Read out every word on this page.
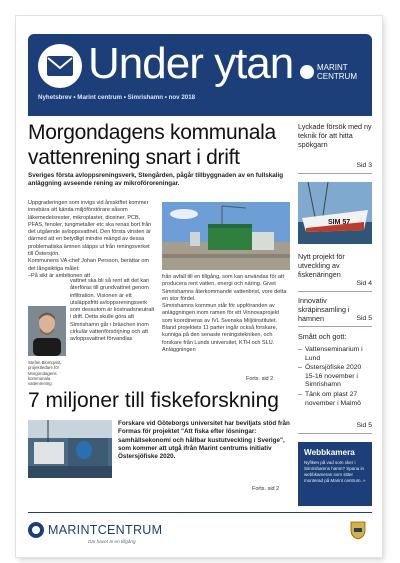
Under ytan
Nyhetsbrev • Marint centrum • Simrishamn • nov 2018
MARINT
CENTRUM
Morgondagens kommunala vattenrening snart i drift
Sveriges första avloppsreningsverk, Stengården, pågår tillbyggnaden av en fullskalig anläggning avseende rening av mikroföroreningar.
Uppgraderingen som invigs vid årsskiftet kommer innebära att kända miljöförstörare såsom läkemedelsrester, mikroplaster, dioxiner, PCB, PFAS, fenoler, tungmetaller etc ska renas bort från det utgående avloppsvattnet. Den första vinsten är därmed att en betydligt mindre mängd av dessa problematiska ämnen släpps ut från reningsverket till Östersjön.
Kommunens VA-chef Johan Persson, berättar om det långsiktiga målet:
–På sikt är ambitionen att	från avfall till en tillgång, som kan användas för att producera rent vatten, energi och näring. Givet Simrishamns återkommande vattenbrist, vore detta en stor fördel.
Simrishamns kommun står för uppföranden av anläggningen inom ramen för ett Vinnovaprojekt som koordineras av IVL Svenska Miljöinstitutet. Bland projektets 11 parter ingår också forskare, kunniga på den senaste reningstekniken, och forskare från Lunds universitet, KTH och SLU. Anläggningen
vattnet ska bli så rent att det kan återföras till grundvattnet genom infiltration. Visionen är ett utsläppsfritt avloppsreningsverk som dessutom är kostnadsneutralt i drift. Detta skulle göra att Simrishamn går i bräschen inom cirkulär vattenförsörjning och att avloppsvattnet förvandlas
Stefan Blomqvist, projektledare för Morgondagens kommunala vattenrening
Forts. sid 2
7 miljoner till fiskeforskning
Forskare vid Göteborgs universitet har beviljats stöd från Formas för projektet "Att fiska efter lösningar: samhällsekonomi och hållbar kustutveckling i Sverige", som kommer att utgå ifrån Marint centrums initiativ Östersjöfiske 2020.
Forts. sid 2
Lyckade försök med ny teknik för att hitta spökgarn
Sid 3
SIM 57
Nytt projekt för utveckling av fiskenäringen
Sid 4
Innovativ skräpinsamling i hamnen	Sid 5
Smått och gott:
– Vattenseminarium i Lund
– Östersjöfiske 2020 15-16 november i Simrishamn
– Tänk om plast 27 november i Malmö
Sid 5
Webbkamera
Nyfiken på vad som sker i Simrishamns hamn? Spana in webbkameran som sitter monterad på Marint centrum. »
MARINTCENTRUM
Där havet är en tillgång
